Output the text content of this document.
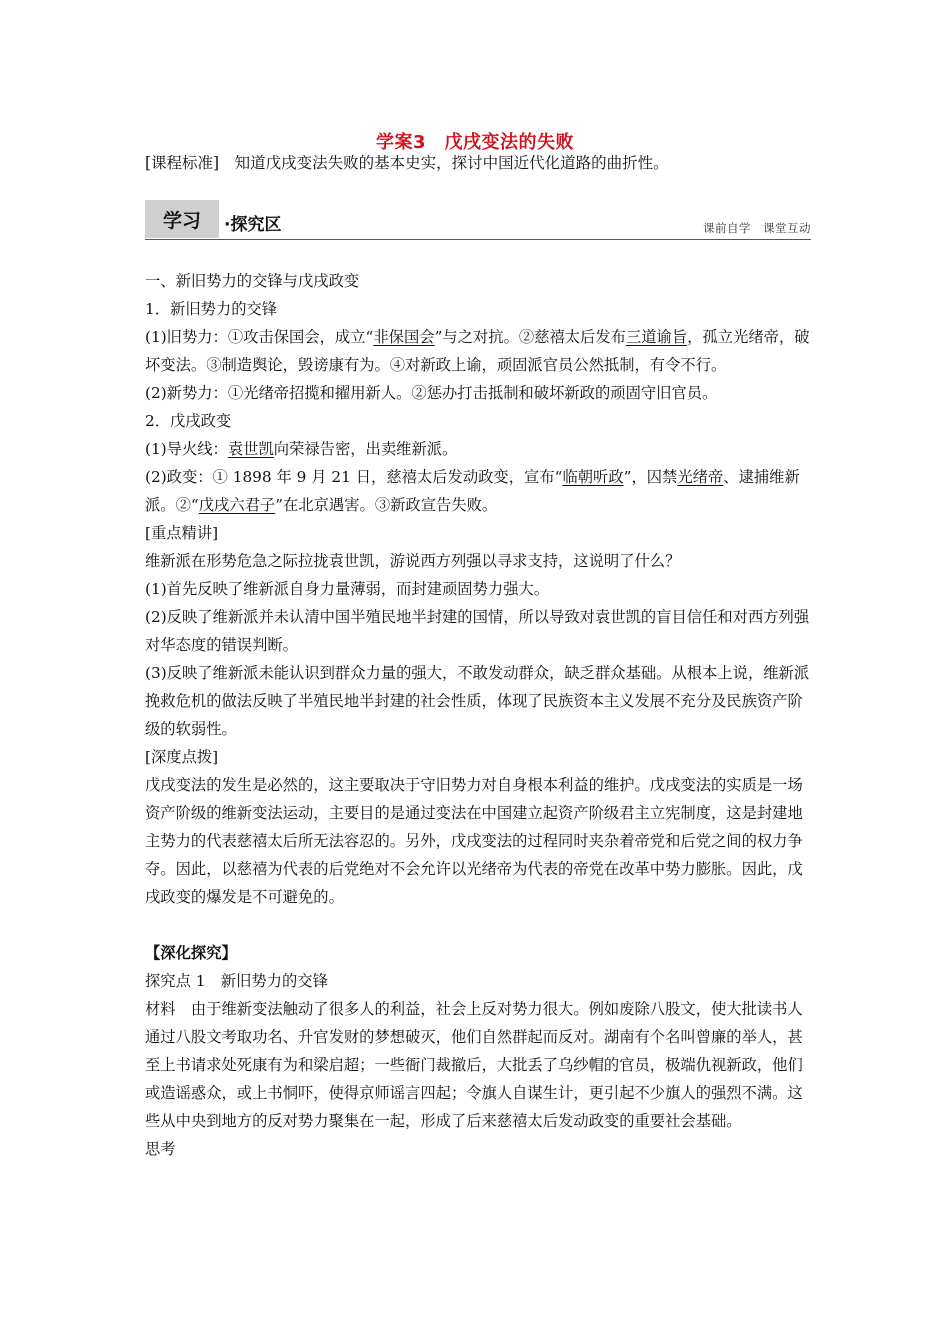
学案3　戊戌变法的失败
[课程标准]　知道戊戌变法失败的基本史实，探讨中国近代化道路的曲折性。
学习	·探究区	课前自学　课堂互动

一、新旧势力的交锋与戊戌政变

1．新旧势力的交锋

(1)旧势力：①攻击保国会，成立“非保国会”与之对抗。②慈禧太后发布三道谕旨，孤立光绪帝，破坏变法。③制造舆论，毁谤康有为。④对新政上谕，顽固派官员公然抵制，有令不行。

(2)新势力：①光绪帝招揽和擢用新人。②惩办打击抵制和破坏新政的顽固守旧官员。

2．戊戌政变

(1)导火线：袁世凯向荣禄告密，出卖维新派。

(2)政变：① 1898 年 9 月 21 日，慈禧太后发动政变，宣布“临朝听政”，囚禁光绪帝、逮捕维新派。②“戊戌六君子”在北京遇害。③新政宣告失败。

[重点精讲]

维新派在形势危急之际拉拢袁世凯，游说西方列强以寻求支持，这说明了什么？

(1)首先反映了维新派自身力量薄弱，而封建顽固势力强大。

(2)反映了维新派并未认清中国半殖民地半封建的国情，所以导致对袁世凯的盲目信任和对西方列强对华态度的错误判断。

(3)反映了维新派未能认识到群众力量的强大，不敢发动群众，缺乏群众基础。从根本上说，维新派挽救危机的做法反映了半殖民地半封建的社会性质，体现了民族资本主义发展不充分及民族资产阶级的软弱性。

[深度点拨]

戊戌变法的发生是必然的，这主要取决于守旧势力对自身根本利益的维护。戊戌变法的实质是一场资产阶级的维新变法运动，主要目的是通过变法在中国建立起资产阶级君主立宪制度，这是封建地主势力的代表慈禧太后所无法容忍的。另外，戊戌变法的过程同时夹杂着帝党和后党之间的权力争夺。因此，以慈禧为代表的后党绝对不会允许以光绪帝为代表的帝党在改革中势力膨胀。因此，戊戌政变的爆发是不可避免的。

【深化探究】

探究点 1　新旧势力的交锋

材料　由于维新变法触动了很多人的利益，社会上反对势力很大。例如废除八股文，使大批读书人通过八股文考取功名、升官发财的梦想破灭，他们自然群起而反对。湖南有个名叫曾廉的举人，甚至上书请求处死康有为和梁启超；一些衙门裁撤后，大批丢了乌纱帽的官员，极端仇视新政，他们或造谣惑众，或上书恫吓，使得京师谣言四起；令旗人自谋生计，更引起不少旗人的强烈不满。这些从中央到地方的反对势力聚集在一起，形成了后来慈禧太后发动政变的重要社会基础。

思考
